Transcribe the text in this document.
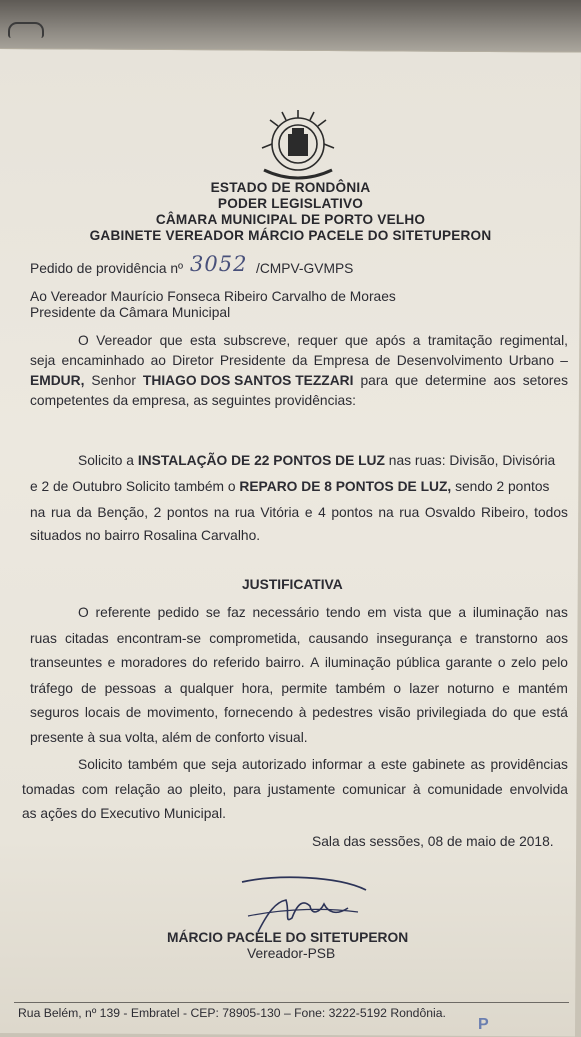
ESTADO DE RONDÔNIA
PODER LEGISLATIVO
CÂMARA MUNICIPAL DE PORTO VELHO
GABINETE VEREADOR MÁRCIO PACELE DO SITETUPERON
Pedido de providência nº 3052 /CMPV-GVMPS
Ao Vereador Maurício Fonseca Ribeiro Carvalho de Moraes
Presidente da Câmara Municipal
O Vereador que esta subscreve, requer que após a tramitação regimental,
seja encaminhado ao Diretor Presidente da Empresa de Desenvolvimento Urbano –
EMDUR, Senhor THIAGO DOS SANTOS TEZZARI para que determine aos setores
competentes da empresa, as seguintes providências:
Solicito a INSTALAÇÃO DE 22 PONTOS DE LUZ nas ruas: Divisão, Divisória
e 2 de Outubro Solicito também o REPARO DE 8 PONTOS DE LUZ, sendo 2 pontos
na rua da Benção, 2 pontos na rua Vitória e 4 pontos na rua Osvaldo Ribeiro, todos
situados no bairro Rosalina Carvalho.
JUSTIFICATIVA
O referente pedido se faz necessário tendo em vista que a iluminação nas
ruas citadas encontram-se comprometida, causando insegurança e transtorno aos
transeuntes e moradores do referido bairro. A iluminação pública garante o zelo pelo
tráfego de pessoas a qualquer hora, permite também o lazer noturno e mantém
seguros locais de movimento, fornecendo à pedestres visão privilegiada do que está
presente à sua volta, além de conforto visual.
Solicito também que seja autorizado informar a este gabinete as providências
tomadas com relação ao pleito, para justamente comunicar à comunidade envolvida
as ações do Executivo Municipal.
Sala das sessões, 08 de maio de 2018.
MÁRCIO PACELE DO SITETUPERON
Vereador-PSB
Rua Belém, nº 139 - Embratel - CEP: 78905-130 – Fone: 3222-5192 Rondônia.
P
